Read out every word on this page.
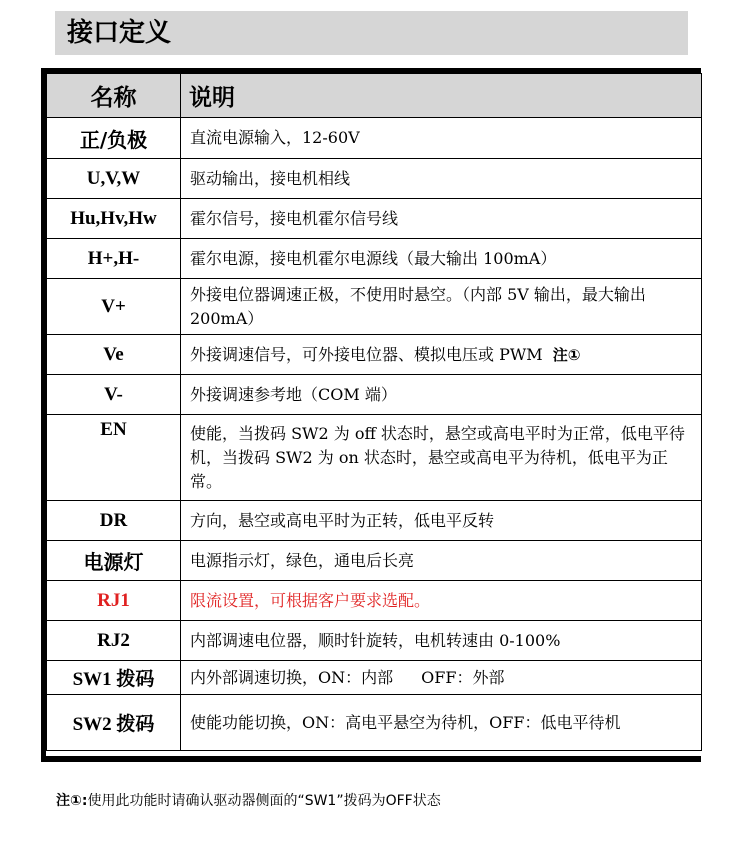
接口定义
名称	说明
正/负极	直流电源输入，12-60V
U,V,W	驱动输出，接电机相线
Hu,Hv,Hw	霍尔信号，接电机霍尔信号线
H+,H-	霍尔电源，接电机霍尔电源线（最大输出 100mA）
V+	外接电位器调速正极，不使用时悬空。（内部 5V 输出，最大输出 200mA）
Ve	外接调速信号，可外接电位器、模拟电压或 PWM 注①
V-	外接调速参考地（COM 端）
EN	使能，当拨码 SW2 为 off 状态时，悬空或高电平时为正常，低电平待机，当拨码 SW2 为 on 状态时，悬空或高电平为待机，低电平为正常。
DR	方向，悬空或高电平时为正转，低电平反转
电源灯	电源指示灯，绿色，通电后长亮
RJ1	限流设置，可根据客户要求选配。
RJ2	内部调速电位器，顺时针旋转，电机转速由 0-100%
SW1 拨码	内外部调速切换，ON：内部 OFF：外部
SW2 拨码	使能功能切换，ON：高电平悬空为待机，OFF：低电平待机
注①:使用此功能时请确认驱动器侧面的“SW1”拨码为OFF状态
